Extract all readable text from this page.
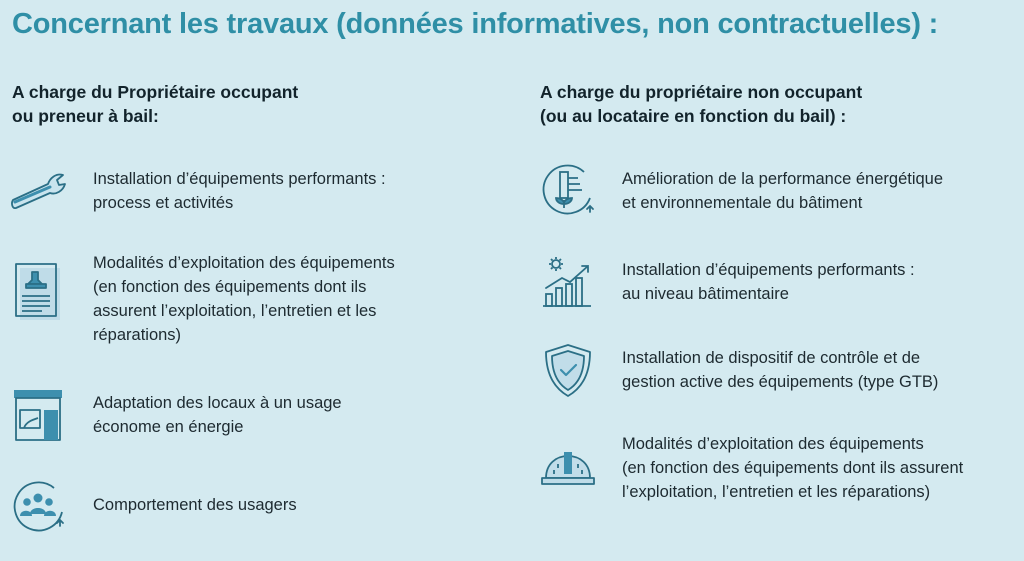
Concernant les travaux (données informatives, non contractuelles) :
A charge du Propriétaire occupant
ou preneur à bail:
A charge du propriétaire non occupant
(ou au locataire en fonction du bail) :
Installation d’équipements performants :
process et activités
Modalités d’exploitation des équipements
(en fonction des équipements dont ils
assurent l’exploitation, l’entretien et les
réparations)
Adaptation des locaux à un usage
économe en énergie
Comportement des usagers
Amélioration de la performance énergétique
et environnementale du bâtiment
Installation d’équipements performants :
au niveau bâtimentaire
Installation de dispositif de contrôle et de
gestion active des équipements (type GTB)
Modalités d’exploitation des équipements
(en fonction des équipements dont ils assurent
l’exploitation, l’entretien et les réparations)
